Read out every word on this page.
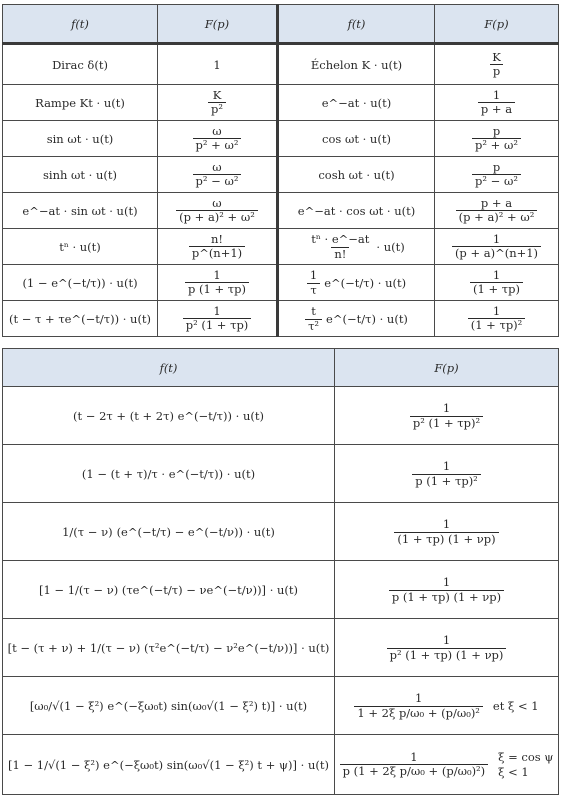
f(t)	F(p)	f(t)	F(p)
Dirac δ(t)	1	Échelon K · u(t)	$\frac{K}{p}$

Rampe Kt · u(t)	$\frac{K}{\text{p²}}$	e^−at · u(t)	$\frac{1}{p + a}$

sin ωt · u(t)	$\frac{\omega}{\text{p² + ω²}}$	cos ωt · u(t)	$\frac{p}{\text{p² + ω²}}$

sinh ωt · u(t)	$\frac{\omega}{\text{p² − ω²}}$	cosh ωt · u(t)	$\frac{p}{\text{p² − ω²}}$

e^−at · sin ωt · u(t)	$\frac{\omega}{\text{(p + a)² + ω²}}$	e^−at · cos ωt · u(t)	$\frac{p + a}{\text{(p + a)² + ω²}}$

tⁿ · u(t)	$\frac{n!}{p\^{}(n+1)}$	$\frac{\text{tⁿ · e\textasciicircum{}−at}}{n!} \cdot u(t)$	$\frac{1}{(p + a)\^{}(n+1)}$

(1 − e^(−t/τ)) · u(t)	$\frac{1}{p (1 + \tau p)}$	$\frac{1}{\tau}$ e^(−t/τ) · u(t)	$\frac{1}{(1 + \tau p)}$

(t − τ + τe^(−t/τ)) · u(t)	$\frac{1}{\text{p² (1 + τp)}}$	$\frac{t}{\text{τ²}}$ e^(−t/τ) · u(t)	$\frac{1}{\text{(1 + τp)²}}$
f(t)	F(p)

(t − 2τ + (t + 2τ) e^(−t/τ)) · u(t)	$\frac{1}{\text{p² (1 + τp)²}}$

(1 − (t + τ)/τ · e^(−t/τ)) · u(t)	$\frac{1}{\text{p (1 + τp)²}}$

1/(τ − ν) (e^(−t/τ) − e^(−t/ν)) · u(t)	$\frac{1}{(1 + \tau p) (1 + \nu p)}$

[1 − 1/(τ − ν) (τe^(−t/τ) − νe^(−t/ν))] · u(t)	$\frac{1}{p (1 + \tau p) (1 + \nu p)}$

[t − (τ + ν) + 1/(τ − ν) (τ²e^(−t/τ) − ν²e^(−t/ν))] · u(t)	$\frac{1}{\text{p² (1 + τp) (1 + νp)}}$

[ω₀/√(1 − ξ²) e^(−ξω₀t) sin(ω₀√(1 − ξ²) t)] · u(t)	$\frac{1}{\text{1 + 2ξ p/ω₀ + (p/ω₀)²}}$ et ξ < 1

[1 − 1/√(1 − ξ²) e^(−ξω₀t) sin(ω₀√(1 − ξ²) t + ψ)] · u(t)	$\frac{1}{\text{p (1 + 2ξ p/ω₀ + (p/ω₀)²)}}$ ξ = cos ψ
ξ < 1
